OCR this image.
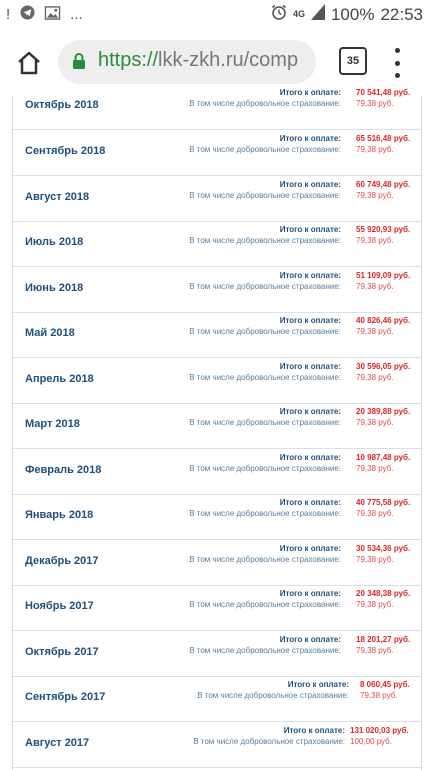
!	...	4G 100% 22:53
https://lkk-zkh.ru/comp	35
Октябрь 2018
Итого к оплате: 70 541,48 руб.
В том числе добровольное страхование: 79,38 руб.
Сентябрь 2018
Итого к оплате: 65 516,48 руб.
В том числе добровольное страхование: 79,38 руб.
Август 2018
Итого к оплате: 60 749,48 руб.
В том числе добровольное страхование: 79,38 руб.
Июль 2018
Итого к оплате: 55 920,93 руб.
В том числе добровольное страхование: 79,38 руб.
Июнь 2018
Итого к оплате: 51 109,09 руб.
В том числе добровольное страхование: 79,38 руб.
Май 2018
Итого к оплате: 40 826,46 руб.
В том числе добровольное страхование: 79,38 руб.
Апрель 2018
Итого к оплате: 30 596,05 руб.
В том числе добровольное страхование: 79,38 руб.
Март 2018
Итого к оплате: 20 389,88 руб.
В том числе добровольное страхование: 79,38 руб.
Февраль 2018
Итого к оплате: 10 987,48 руб.
В том числе добровольное страхование: 79,38 руб.
Январь 2018
Итого к оплате: 40 775,58 руб.
В том числе добровольное страхование: 79,38 руб.
Декабрь 2017
Итого к оплате: 30 534,36 руб.
В том числе добровольное страхование: 79,38 руб.
Ноябрь 2017
Итого к оплате: 20 348,38 руб.
В том числе добровольное страхование: 79,38 руб.
Октябрь 2017
Итого к оплате: 18 201,27 руб.
В том числе добровольное страхование: 79,38 руб.
Сентябрь 2017
Итого к оплате: 8 060,45 руб.
В том числе добровольное страхование: 79,38 руб.
Август 2017
Итого к оплате: 131 020,03 руб.
В том числе добровольное страхование: 100,00 руб.
